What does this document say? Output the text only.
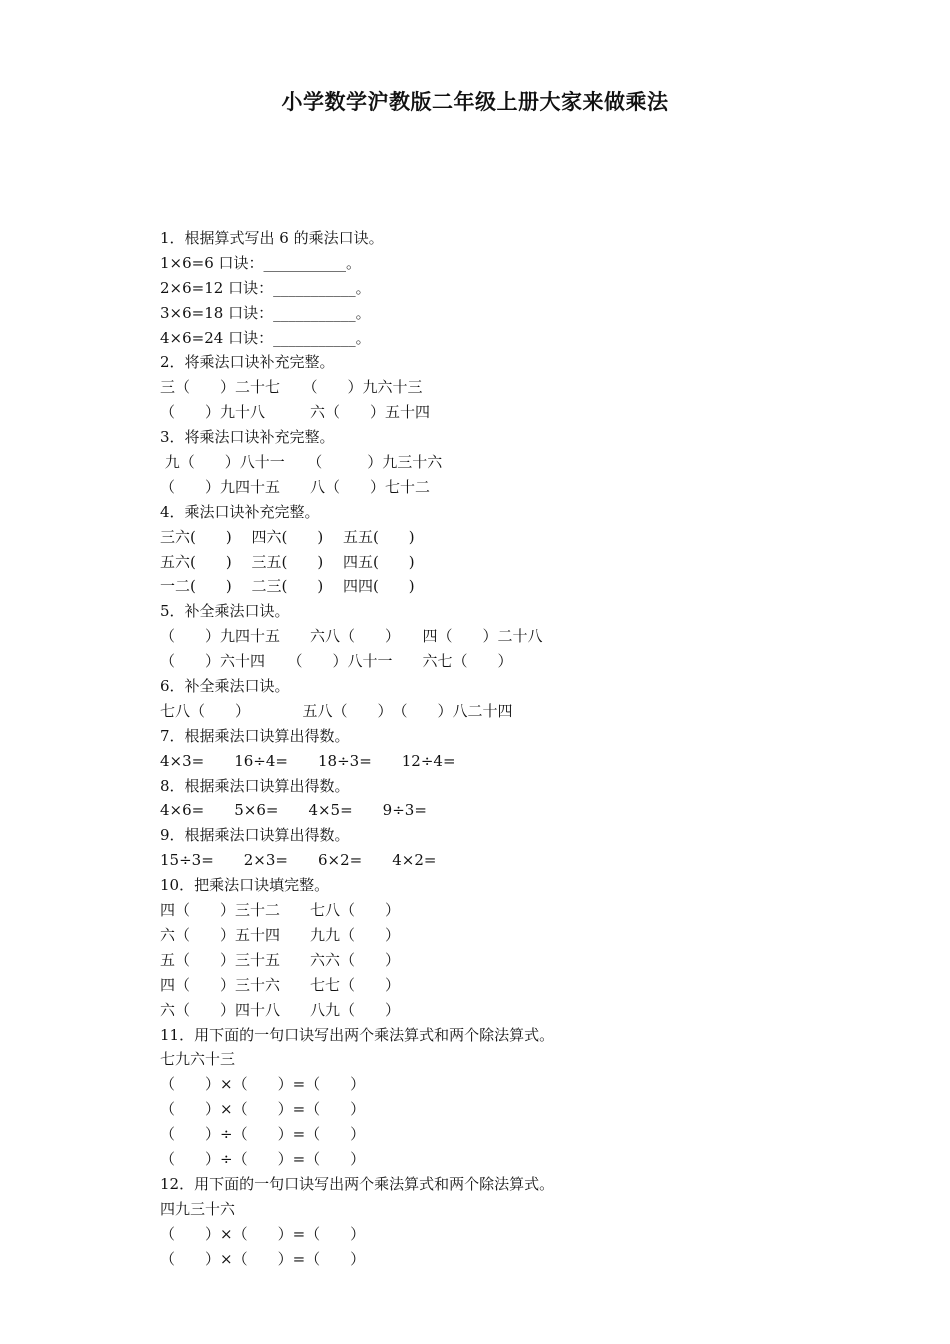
小学数学沪教版二年级上册大家来做乘法
1．根据算式写出 6 的乘法口诀。
1×6=6 口诀：___________。
2×6=12 口诀：___________。
3×6=18 口诀：___________。
4×6=24 口诀：___________。
2．将乘法口诀补充完整。
三（　　）二十七　　（　　）九六十三
（　　）九十八　　　六（　　）五十四
3．将乘法口诀补充完整。
九（　　）八十一　　（　　　）九三十六
（　　）九四十五　　八（　　）七十二
4．乘法口诀补充完整。
三六(　　)　 四六(　　)　 五五(　　)
五六(　　)　 三五(　　)　 四五(　　)
一二(　　)　 二三(　　)　 四四(　　)
5．补全乘法口诀。
（　　）九四十五　　六八（　　）　　四（　　）二十八
（　　）六十四　　（　　）八十一　　六七（　　）
6．补全乘法口诀。
七八（　　）　　　　五八（　　）　（　　）八二十四
7．根据乘法口诀算出得数。
4×3=　　16÷4=　　18÷3=　　12÷4=
8．根据乘法口诀算出得数。
4×6=　　5×6=　　4×5=　　9÷3=
9．根据乘法口诀算出得数。
15÷3=　　2×3=　　6×2=　　4×2=
10．把乘法口诀填完整。
四（　　）三十二　　七八（　　）
六（　　）五十四　　九九（　　）
五（　　）三十五　　六六（　　）
四（　　）三十六　　七七（　　）
六（　　）四十八　　八九（　　）
11．用下面的一句口诀写出两个乘法算式和两个除法算式。
七九六十三
（　　）×（　　）=（　　）
（　　）×（　　）=（　　）
（　　）÷（　　）=（　　）
（　　）÷（　　）=（　　）
12．用下面的一句口诀写出两个乘法算式和两个除法算式。
四九三十六
（　　）×（　　）=（　　）
（　　）×（　　）=（　　）
